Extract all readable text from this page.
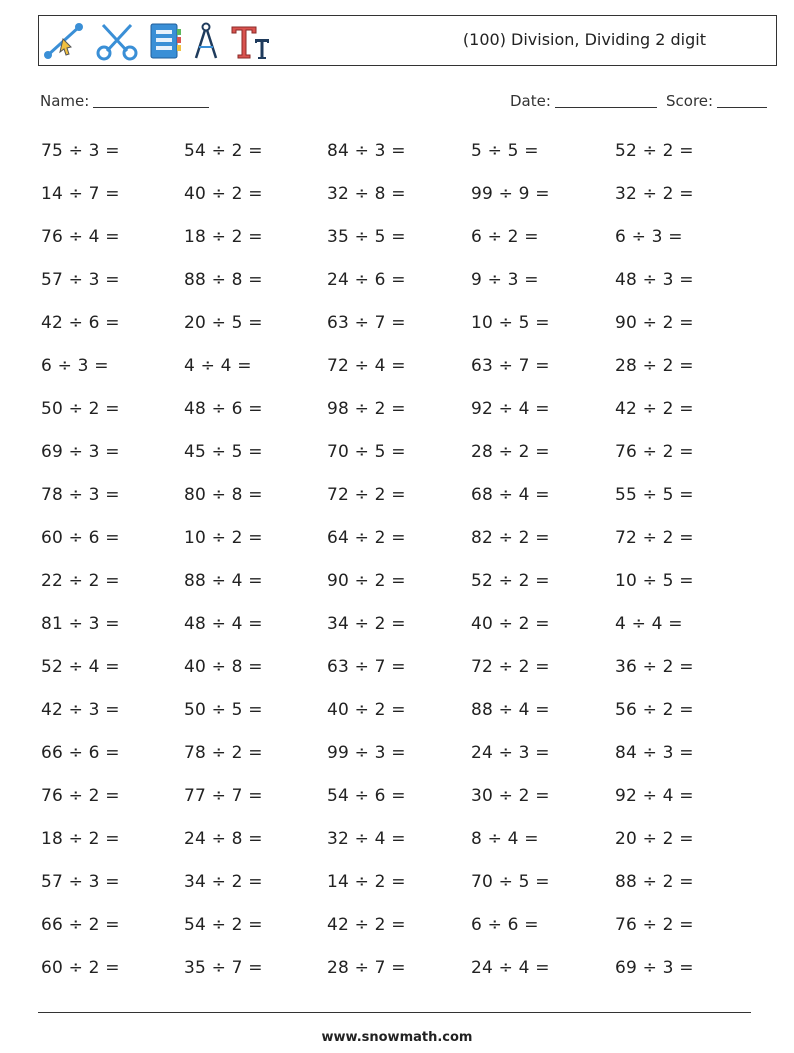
(100) Division, Dividing 2 digit
Name:	Date:	Score:
75 ÷ 3 =	54 ÷ 2 =	84 ÷ 3 =	5 ÷ 5 =	52 ÷ 2 =
14 ÷ 7 =	40 ÷ 2 =	32 ÷ 8 =	99 ÷ 9 =	32 ÷ 2 =
76 ÷ 4 =	18 ÷ 2 =	35 ÷ 5 =	6 ÷ 2 =	6 ÷ 3 =
57 ÷ 3 =	88 ÷ 8 =	24 ÷ 6 =	9 ÷ 3 =	48 ÷ 3 =
42 ÷ 6 =	20 ÷ 5 =	63 ÷ 7 =	10 ÷ 5 =	90 ÷ 2 =
6 ÷ 3 =	4 ÷ 4 =	72 ÷ 4 =	63 ÷ 7 =	28 ÷ 2 =
50 ÷ 2 =	48 ÷ 6 =	98 ÷ 2 =	92 ÷ 4 =	42 ÷ 2 =
69 ÷ 3 =	45 ÷ 5 =	70 ÷ 5 =	28 ÷ 2 =	76 ÷ 2 =
78 ÷ 3 =	80 ÷ 8 =	72 ÷ 2 =	68 ÷ 4 =	55 ÷ 5 =
60 ÷ 6 =	10 ÷ 2 =	64 ÷ 2 =	82 ÷ 2 =	72 ÷ 2 =
22 ÷ 2 =	88 ÷ 4 =	90 ÷ 2 =	52 ÷ 2 =	10 ÷ 5 =
81 ÷ 3 =	48 ÷ 4 =	34 ÷ 2 =	40 ÷ 2 =	4 ÷ 4 =
52 ÷ 4 =	40 ÷ 8 =	63 ÷ 7 =	72 ÷ 2 =	36 ÷ 2 =
42 ÷ 3 =	50 ÷ 5 =	40 ÷ 2 =	88 ÷ 4 =	56 ÷ 2 =
66 ÷ 6 =	78 ÷ 2 =	99 ÷ 3 =	24 ÷ 3 =	84 ÷ 3 =
76 ÷ 2 =	77 ÷ 7 =	54 ÷ 6 =	30 ÷ 2 =	92 ÷ 4 =
18 ÷ 2 =	24 ÷ 8 =	32 ÷ 4 =	8 ÷ 4 =	20 ÷ 2 =
57 ÷ 3 =	34 ÷ 2 =	14 ÷ 2 =	70 ÷ 5 =	88 ÷ 2 =
66 ÷ 2 =	54 ÷ 2 =	42 ÷ 2 =	6 ÷ 6 =	76 ÷ 2 =
60 ÷ 2 =	35 ÷ 7 =	28 ÷ 7 =	24 ÷ 4 =	69 ÷ 3 =
www.snowmath.com
